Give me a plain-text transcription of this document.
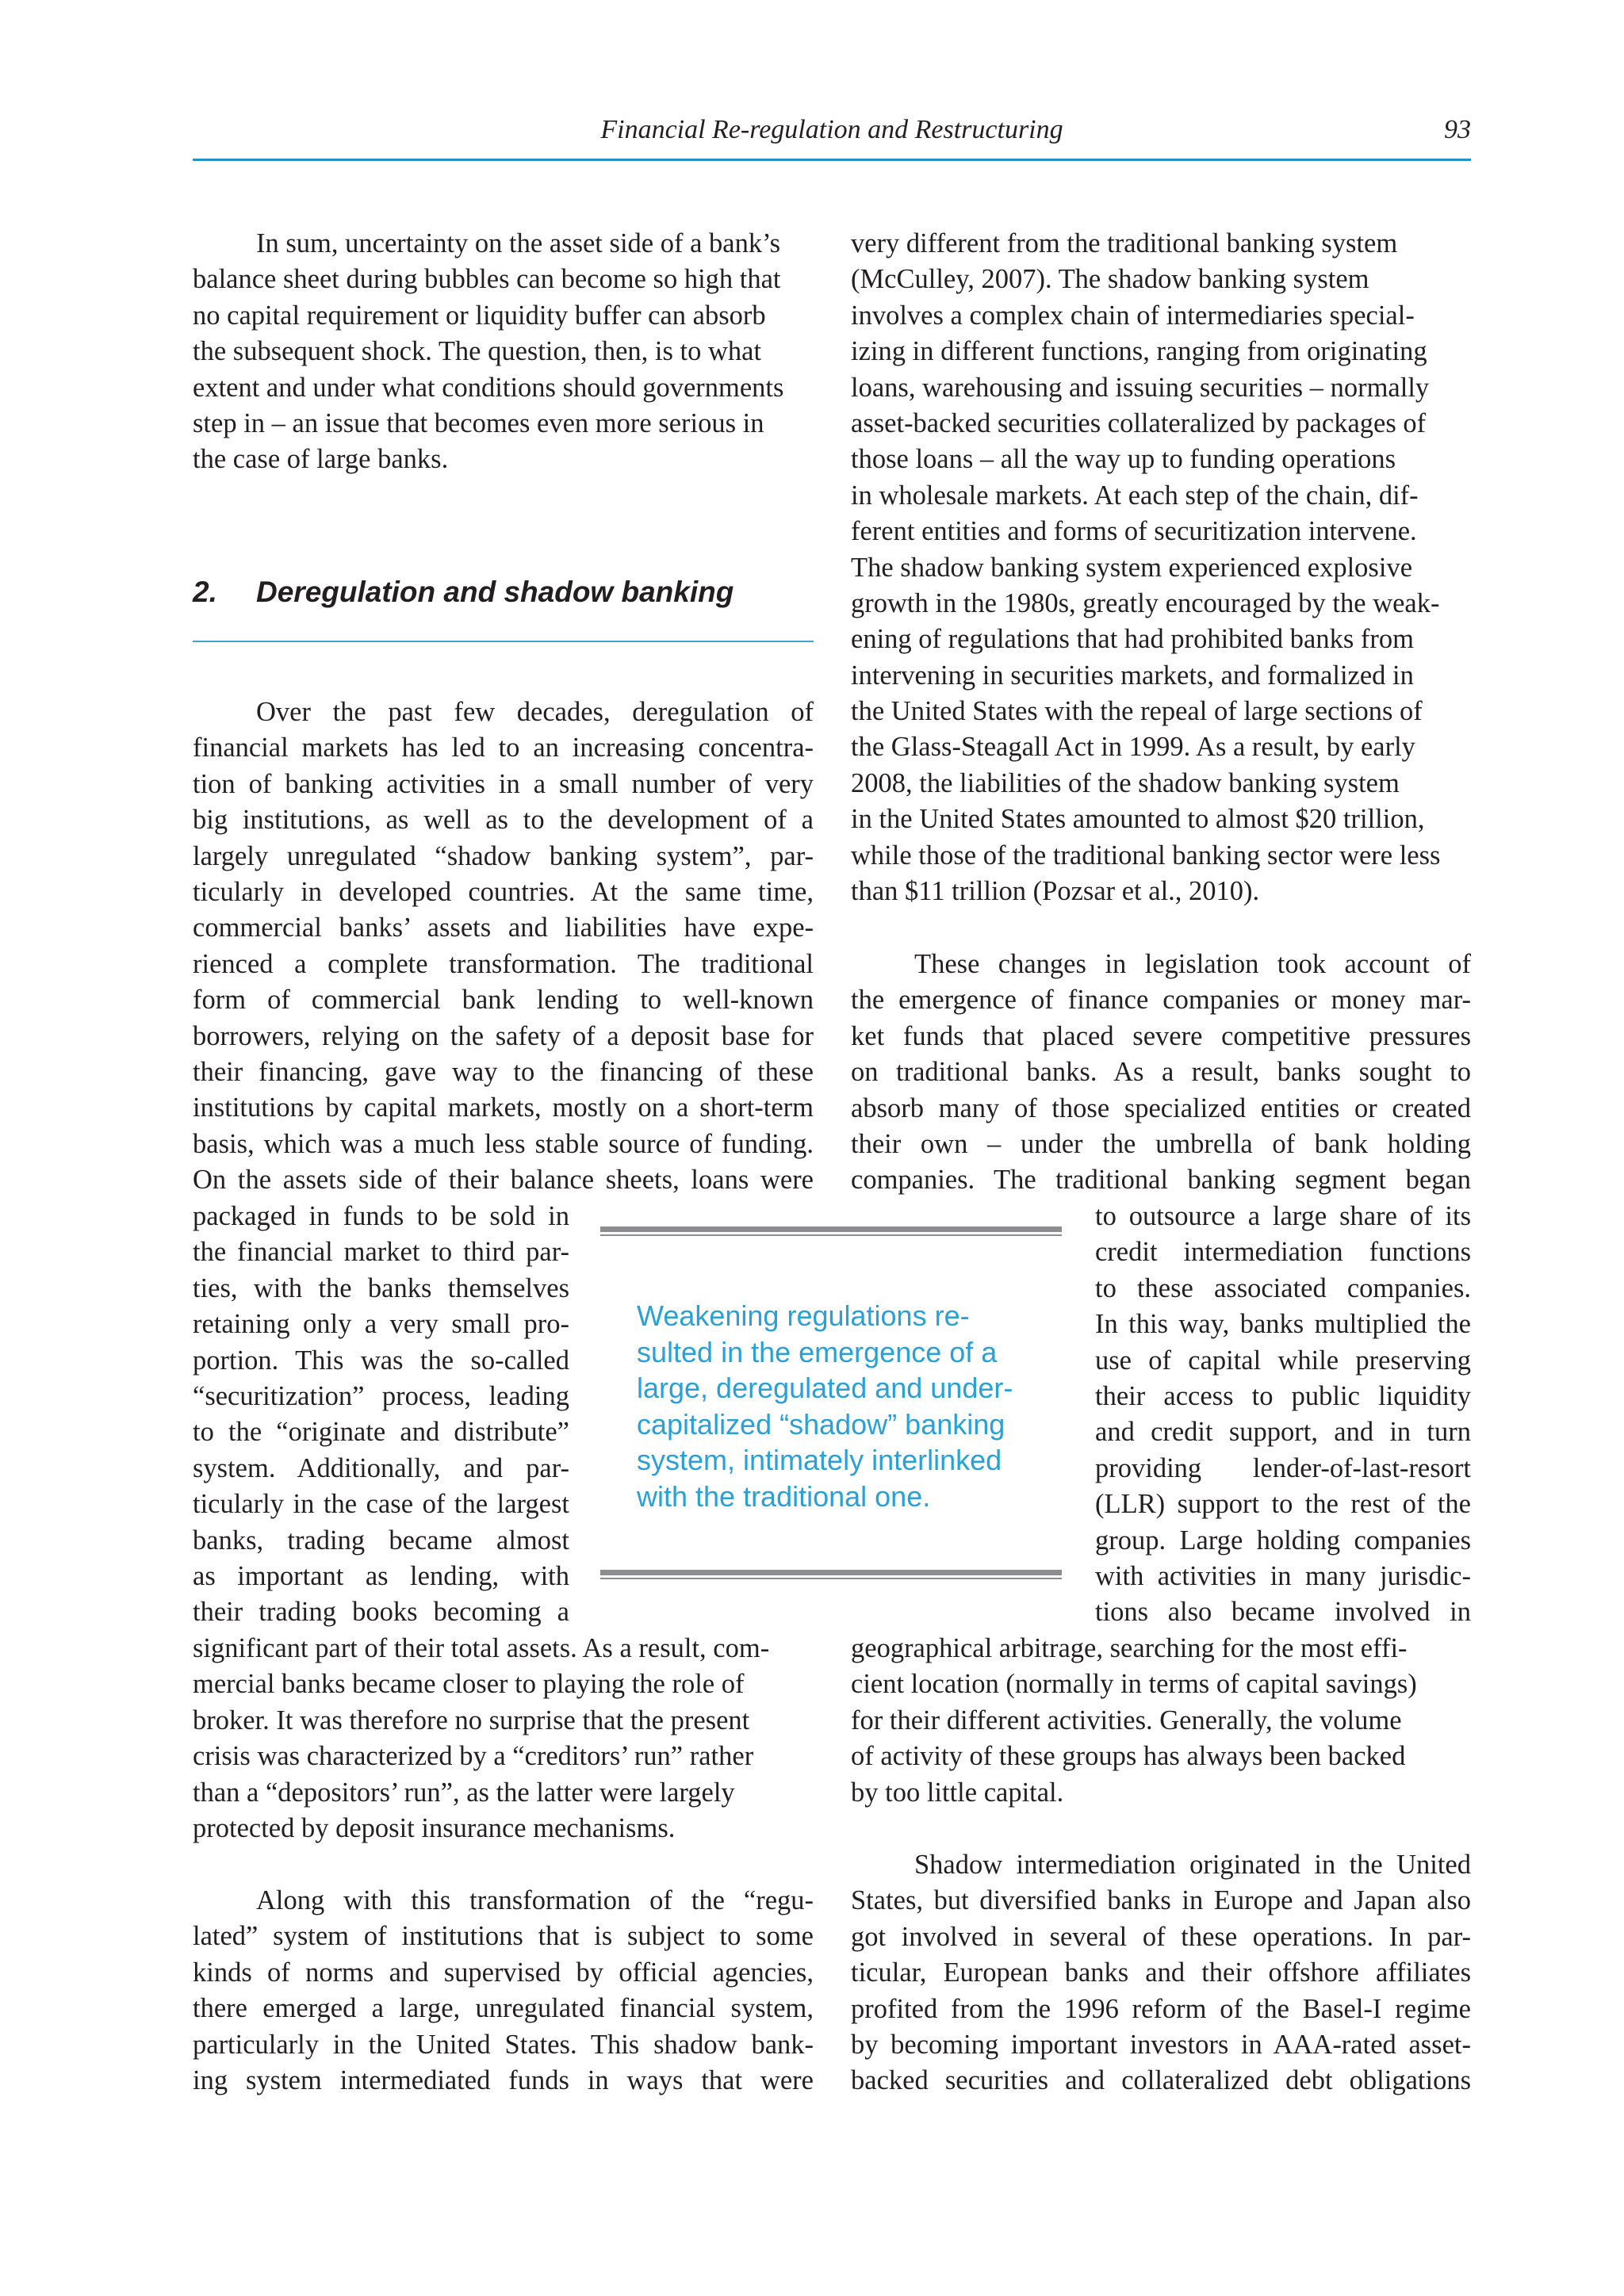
Financial Re-regulation and Restructuring	93
In sum, uncertainty on the asset side of a bank’s
balance sheet during bubbles can become so high that
no capital requirement or liquidity buffer can absorb
the subsequent shock. The question, then, is to what
extent and under what conditions should governments
step in – an issue that becomes even more serious in
the case of large banks.
2. Deregulation and shadow banking
Over the past few decades, deregulation of
financial markets has led to an increasing concentra-
tion of banking activities in a small number of very
big institutions, as well as to the development of a
largely unregulated “shadow banking system”, par-
ticularly in developed countries. At the same time,
commercial banks’ assets and liabilities have expe-
rienced a complete transformation. The traditional
form of commercial bank lending to well-known
borrowers, relying on the safety of a deposit base for
their financing, gave way to the financing of these
institutions by capital markets, mostly on a short-term
basis, which was a much less stable source of funding.
On the assets side of their balance sheets, loans were
packaged in funds to be sold in
the financial market to third par-
ties, with the banks themselves
retaining only a very small pro-
portion. This was the so-called
“securitization” process, leading
to the “originate and distribute”
system. Additionally, and par-
ticularly in the case of the largest
banks, trading became almost
as important as lending, with
their trading books becoming a
significant part of their total assets. As a result, com-
mercial banks became closer to playing the role of
broker. It was therefore no surprise that the present
crisis was characterized by a “creditors’ run” rather
than a “depositors’ run”, as the latter were largely
protected by deposit insurance mechanisms.
Along with this transformation of the “regu-
lated” system of institutions that is subject to some
kinds of norms and supervised by official agencies,
there emerged a large, unregulated financial system,
particularly in the United States. This shadow bank-
ing system intermediated funds in ways that were
very different from the traditional banking system
(McCulley, 2007). The shadow banking system
involves a complex chain of intermediaries special-
izing in different functions, ranging from originating
loans, warehousing and issuing securities – normally
asset-backed securities collateralized by packages of
those loans – all the way up to funding operations
in wholesale markets. At each step of the chain, dif-
ferent entities and forms of securitization intervene.
The shadow banking system experienced explosive
growth in the 1980s, greatly encouraged by the weak-
ening of regulations that had prohibited banks from
intervening in securities markets, and formalized in
the United States with the repeal of large sections of
the Glass-Steagall Act in 1999. As a result, by early
2008, the liabilities of the shadow banking system
in the United States amounted to almost $20 trillion,
while those of the traditional banking sector were less
than $11 trillion (Pozsar et al., 2010).
These changes in legislation took account of
the emergence of finance companies or money mar-
ket funds that placed severe competitive pressures
on traditional banks. As a result, banks sought to
absorb many of those specialized entities or created
their own – under the umbrella of bank holding
companies. The traditional banking segment began
to outsource a large share of its
credit intermediation functions
to these associated companies.
In this way, banks multiplied the
use of capital while preserving
their access to public liquidity
and credit support, and in turn
providing lender-of-last-resort
(LLR) support to the rest of the
group. Large holding companies
with activities in many jurisdic-
tions also became involved in
geographical arbitrage, searching for the most effi-
cient location (normally in terms of capital savings)
for their different activities. Generally, the volume
of activity of these groups has always been backed
by too little capital.
Shadow intermediation originated in the United
States, but diversified banks in Europe and Japan also
got involved in several of these operations. In par-
ticular, European banks and their offshore affiliates
profited from the 1996 reform of the Basel-I regime
by becoming important investors in AAA-rated asset-
backed securities and collateralized debt obligations
Weakening regulations re-
sulted in the emergence of a
large, deregulated and under-
capitalized “shadow” banking
system, intimately interlinked
with the traditional one.
